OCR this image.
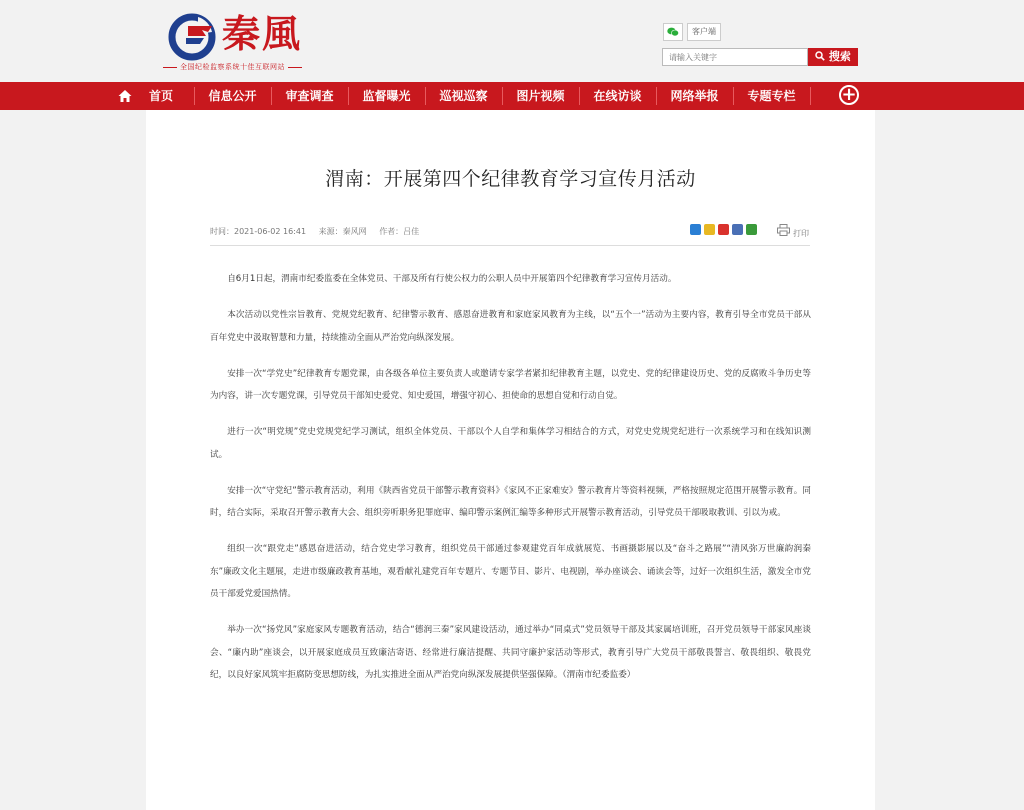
秦風
全国纪检监察系统十佳互联网站
客户端
请输入关键字
搜索
首页	信息公开	审查调查	监督曝光	巡视巡察	图片视频	在线访谈	网络举报	专题专栏	+
渭南：开展第四个纪律教育学习宣传月活动
时间：2021-06-02 16:41 来源：秦风网 作者：吕佳	打印

自6月1日起，渭南市纪委监委在全体党员、干部及所有行使公权力的公职人员中开展第四个纪律教育学习宣传月活动。

本次活动以党性宗旨教育、党规党纪教育、纪律警示教育、感恩奋进教育和家庭家风教育为主线，以“五个一”活动为主要内容，教育引导全市党员干部从百年党史中汲取智慧和力量，持续推动全面从严治党向纵深发展。

安排一次“学党史”纪律教育专题党课，由各级各单位主要负责人或邀请专家学者紧扣纪律教育主题，以党史、党的纪律建设历史、党的反腐败斗争历史等为内容，讲一次专题党课，引导党员干部知史爱党、知史爱国，增强守初心、担使命的思想自觉和行动自觉。

进行一次“明党规”党史党规党纪学习测试，组织全体党员、干部以个人自学和集体学习相结合的方式，对党史党规党纪进行一次系统学习和在线知识测试。

安排一次“守党纪”警示教育活动，利用《陕西省党员干部警示教育资料》《家风不正家难安》警示教育片等资料视频，严格按照规定范围开展警示教育。同时，结合实际，采取召开警示教育大会、组织旁听职务犯罪庭审、编印警示案例汇编等多种形式开展警示教育活动，引导党员干部吸取教训、引以为戒。

组织一次“跟党走”感恩奋进活动，结合党史学习教育，组织党员干部通过参观建党百年成就展览、书画摄影展以及“奋斗之路展”“清风弥万世廉韵润秦东”廉政文化主题展，走进市级廉政教育基地，观看献礼建党百年专题片、专题节目、影片、电视剧，举办座谈会、诵读会等，过好一次组织生活，激发全市党员干部爱党爱国热情。

举办一次“扬党风”家庭家风专题教育活动，结合“德润三秦”家风建设活动，通过举办“同桌式”党员领导干部及其家属培训班，召开党员领导干部家风座谈会、“廉内助”座谈会，以开展家庭成员互致廉洁寄语、经常进行廉洁提醒、共同守廉护家活动等形式，教育引导广大党员干部敬畏誓言、敬畏组织、敬畏党纪，以良好家风筑牢拒腐防变思想防线，为扎实推进全面从严治党向纵深发展提供坚强保障。（渭南市纪委监委）
